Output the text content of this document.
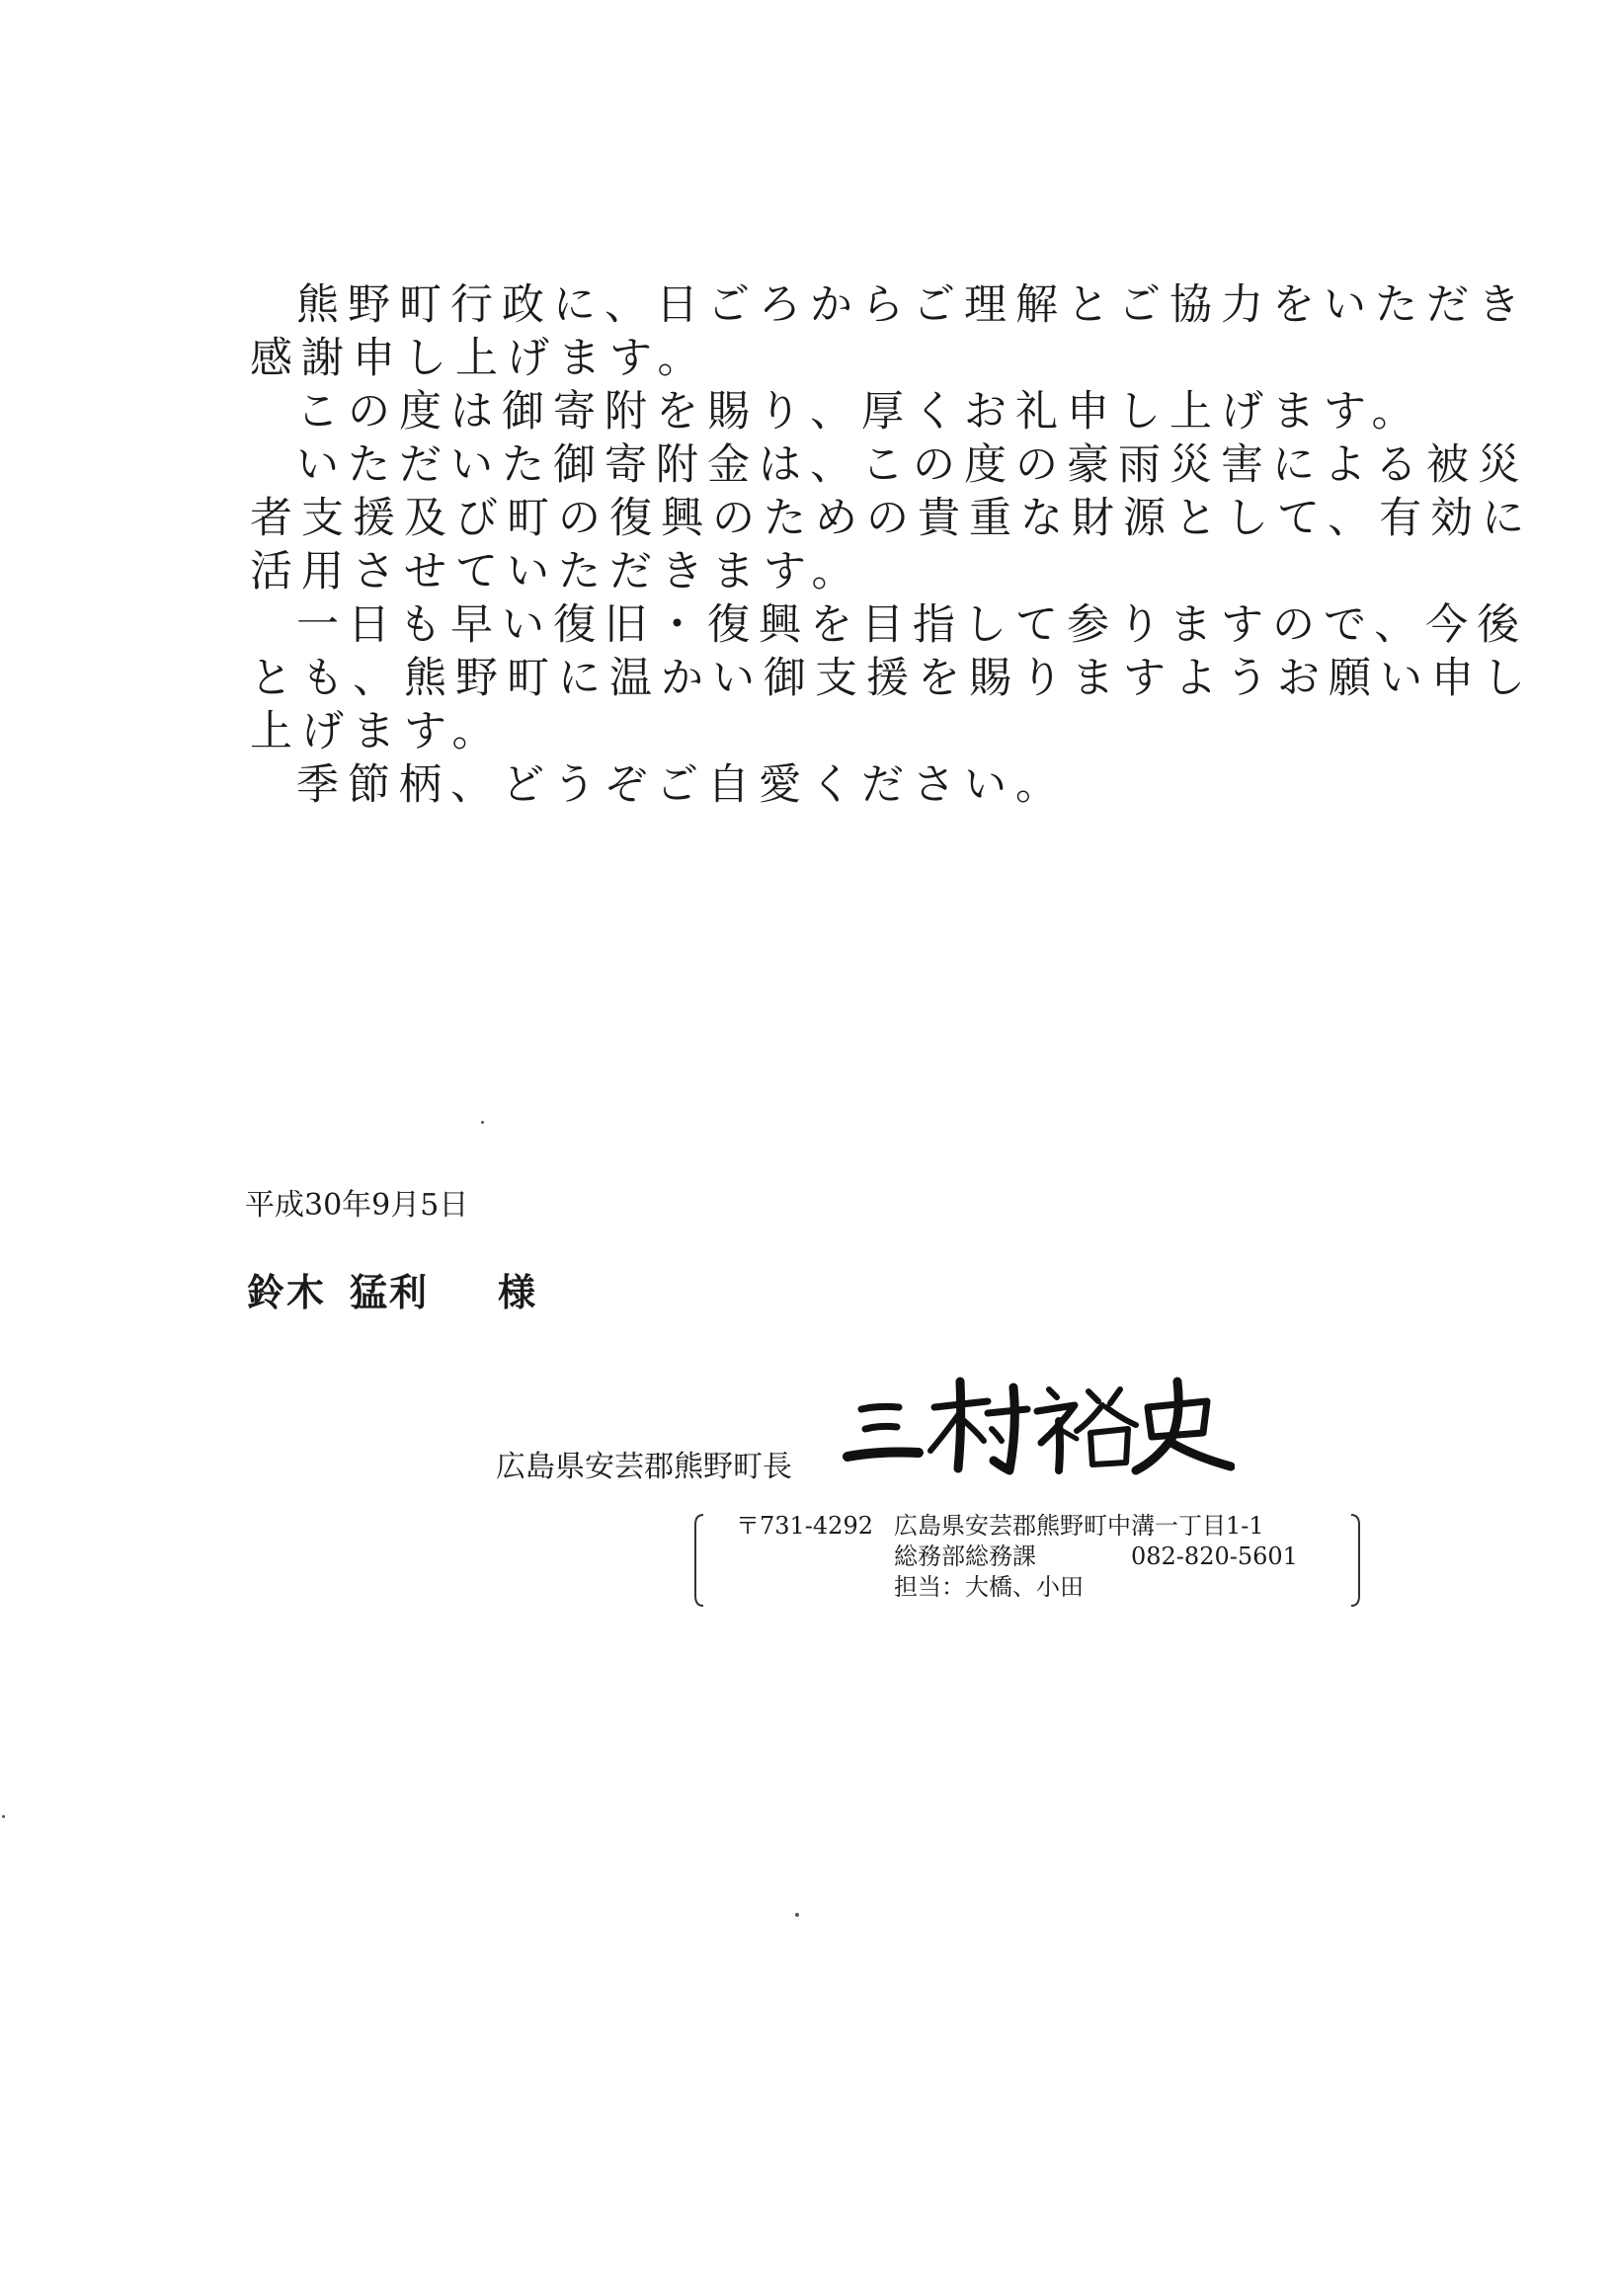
熊野町行政に、日ごろからご理解とご協力をいただき
感謝申し上げます。
この度は御寄附を賜り、厚くお礼申し上げます。
いただいた御寄附金は、この度の豪雨災害による被災
者支援及び町の復興のための貴重な財源として、有効に
活用させていただきます。
一日も早い復旧・復興を目指して参りますので、今後
とも、熊野町に温かい御支援を賜りますようお願い申し
上げます。
季節柄、どうぞご自愛ください。
平成30年9月5日
鈴木 猛利 様
広島県安芸郡熊野町長
〒731-4292 広島県安芸郡熊野町中溝一丁目1-1
総務部総務課	082-820-5601
担当：大橋、小田
